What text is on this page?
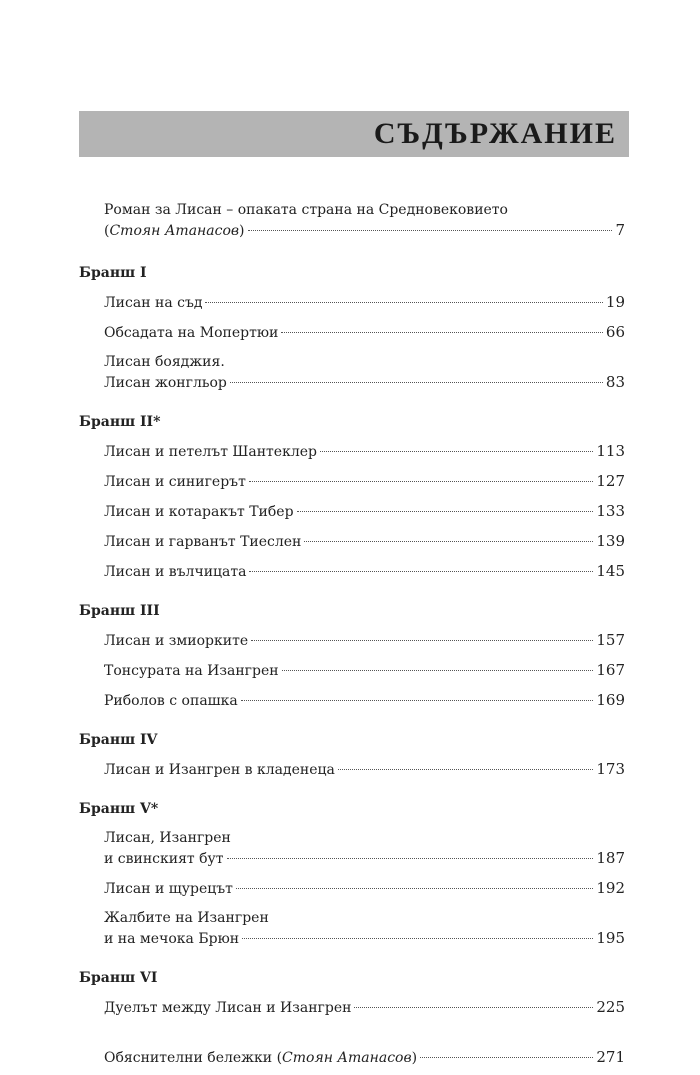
СЪДЪРЖАНИЕ
Роман за Лисан – опаката страна на Средновековието
(Стоян Атанасов)	7

Бранш I

Лисан на съд	19
Обсадата на Мопертюи	66
Лисан бояджия.
Лисан жонгльор	83

Бранш II*

Лисан и петелът Шантеклер	113
Лисан и синигерът	127
Лисан и котаракът Тибер	133
Лисан и гарванът Тиеслен	139
Лисан и вълчицата	145

Бранш III

Лисан и змиорките	157
Тонсурата на Изангрен	167
Риболов с опашка	169

Бранш IV

Лисан и Изангрен в кладенеца	173

Бранш V*

Лисан, Изангрен
и свинският бут	187
Лисан и щурецът	192
Жалбите на Изангрен
и на мечока Брюн	195

Бранш VI

Дуелът между Лисан и Изангрен	225
Обяснителни бележки (Стоян Атанасов)	271
